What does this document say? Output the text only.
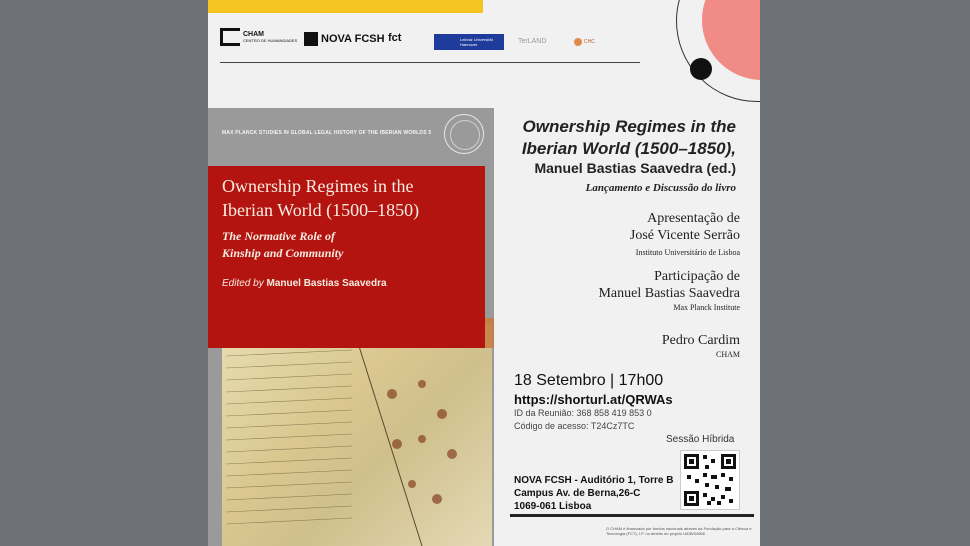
CHAM
CENTRO DE HUMANIDADES NOVA FCSH fct	Leibniz Universität Hannover	TerLAND	CHC
MAX PLANCK STUDIES IN GLOBAL LEGAL HISTORY OF THE IBERIAN WORLDS 5
Ownership Regimes in the
Iberian World (1500–1850)
The Normative Role of
Kinship and Community
Edited by Manuel Bastias Saavedra
Ownership Regimes in the
Iberian World (1500–1850),
Manuel Bastias Saavedra (ed.)
Lançamento e Discussão do livro
Apresentação de
José Vicente Serrão
Instituto Universitário de Lisboa
Participação de
Manuel Bastias Saavedra
Max Planck Institute
Pedro Cardim
CHAM
18 Setembro | 17h00
https://shorturl.at/QRWAs
ID da Reunião: 368 858 419 853 0
Código de acesso: T24Cz7TC
Sessão Híbrida
NOVA FCSH - Auditório 1, Torre B
Campus Av. de Berna,26-C
1069-061 Lisboa
O CHAM é financiado por fundos nacionais através da Fundação para a Ciência e Tecnologia (FCT), I.P. no âmbito do projeto UIDB/04666
